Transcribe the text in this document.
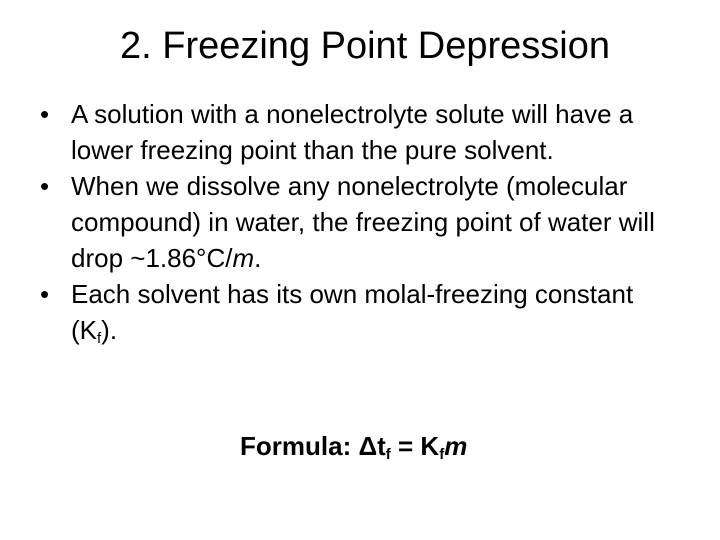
2. Freezing Point Depression
• A solution with a nonelectrolyte solute will have a lower freezing point than the pure solvent.
• When we dissolve any nonelectrolyte (molecular compound) in water, the freezing point of water will drop ~1.86°C/m.
• Each solvent has its own molal-freezing constant $(K_f)$.
Formula: $\Delta t_f = K_fm$
